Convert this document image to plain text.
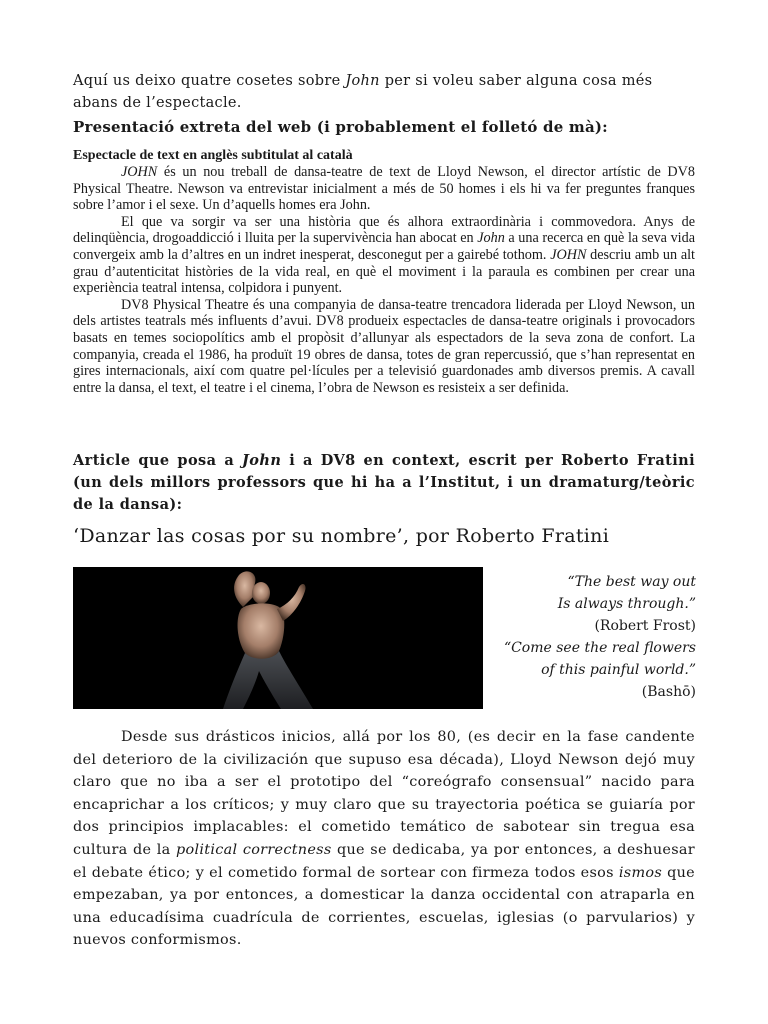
Aquí us deixo quatre cosetes sobre John per si voleu saber alguna cosa més abans de l’espectacle.

Presentació extreta del web (i probablement el folletó de mà):

Espectacle de text en anglès subtitulat al català

JOHN és un nou treball de dansa-teatre de text de Lloyd Newson, el director artístic de DV8 Physical Theatre. Newson va entrevistar inicialment a més de 50 homes i els hi va fer preguntes franques sobre l’amor i el sexe. Un d’aquells homes era John.

El que va sorgir va ser una història que és alhora extraordinària i commovedora. Anys de delinqüència, drogoaddicció i lluita per la supervivència han abocat en John a una recerca en què la seva vida convergeix amb la d’altres en un indret inesperat, desconegut per a gairebé tothom. JOHN descriu amb un alt grau d’autenticitat històries de la vida real, en què el moviment i la paraula es combinen per crear una experiència teatral intensa, colpidora i punyent.

DV8 Physical Theatre és una companyia de dansa-teatre trencadora liderada per Lloyd Newson, un dels artistes teatrals més influents d’avui. DV8 produeix espectacles de dansa-teatre originals i provocadors basats en temes sociopolítics amb el propòsit d’allunyar als espectadors de la seva zona de confort. La companyia, creada el 1986, ha produït 19 obres de dansa, totes de gran repercussió, que s’han representat en gires internacionals, així com quatre pel·lícules per a televisió guardonades amb diversos premis. A cavall entre la dansa, el text, el teatre i el cinema, l’obra de Newson es resisteix a ser definida.

Article que posa a John i a DV8 en context, escrit per Roberto Fratini (un dels millors professors que hi ha a l’Institut, i un dramaturg/teòric de la dansa):

‘Danzar las cosas por su nombre’, por Roberto Fratini

“The best way out
Is always through.”
(Robert Frost)
“Come see the real flowers
of this painful world.”
(Bashō)

Desde sus drásticos inicios, allá por los 80, (es decir en la fase candente del deterioro de la civilización que supuso esa década), Lloyd Newson dejó muy claro que no iba a ser el prototipo del “coreógrafo consensual” nacido para encaprichar a los críticos; y muy claro que su trayectoria poética se guiaría por dos principios implacables: el cometido temático de sabotear sin tregua esa cultura de la political correctness que se dedicaba, ya por entonces, a deshuesar el debate ético; y el cometido formal de sortear con firmeza todos esos ismos que empezaban, ya por entonces, a domesticar la danza occidental con atraparla en una educadísima cuadrícula de corrientes, escuelas, iglesias (o parvularios) y nuevos conformismos.
